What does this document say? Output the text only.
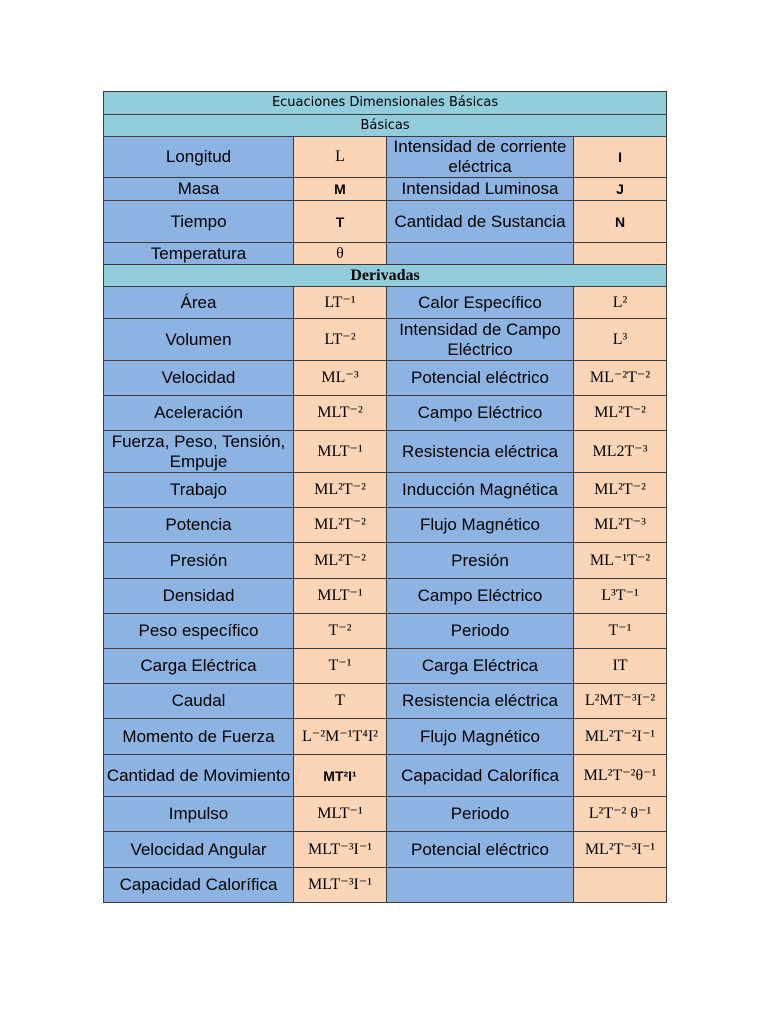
Ecuaciones Dimensionales Básicas			
Básicas			
Longitud	L	Intensidad de corriente eléctrica	I
Masa	M	Intensidad Luminosa	J
Tiempo	T	Cantidad de Sustancia	N
Temperatura	θ		
Derivadas			
Área	LT⁻¹	Calor Específico	L²
Volumen	LT⁻²	Intensidad de Campo Eléctrico	L³
Velocidad	ML⁻³	Potencial eléctrico	ML⁻²T⁻²
Aceleración	MLT⁻²	Campo Eléctrico	ML²T⁻²
Fuerza, Peso, Tensión, Empuje	MLT⁻¹	Resistencia eléctrica	ML2T⁻³
Trabajo	ML²T⁻²	Inducción Magnética	ML²T⁻²
Potencia	ML²T⁻²	Flujo Magnético	ML²T⁻³
Presión	ML²T⁻²	Presión	ML⁻¹T⁻²
Densidad	MLT⁻¹	Campo Eléctrico	L³T⁻¹
Peso específico	T⁻²	Periodo	T⁻¹
Carga Eléctrica	T⁻¹	Carga Eléctrica	IT
Caudal	T	Resistencia eléctrica	L²MT⁻³I⁻²
Momento de Fuerza	L⁻²M⁻¹T⁴I²	Flujo Magnético	ML²T⁻²I⁻¹
Cantidad de Movimiento	MT²I¹	Capacidad Calorífica	ML²T⁻²θ⁻¹
Impulso	MLT⁻¹	Periodo	L²T⁻² θ⁻¹
Velocidad Angular	MLT⁻³I⁻¹	Potencial eléctrico	ML²T⁻³I⁻¹
Capacidad Calorífica	MLT⁻³I⁻¹		
